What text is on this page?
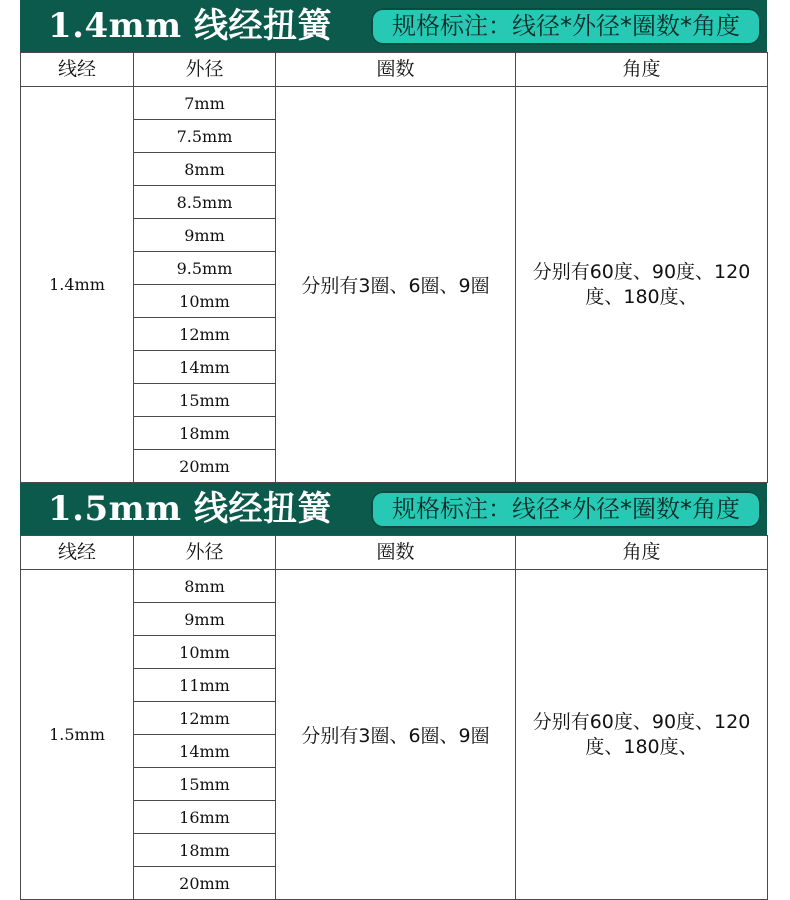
1.4mm 线经扭簧	规格标注：线径*外径*圈数*角度
线经	外径	圈数	角度
1.4mm	7mm	分别有3圈、6圈、9圈	分别有60度、90度、120度、180度、
	7.5mm		
	8mm		
	8.5mm		
	9mm		
	9.5mm		
	10mm		
	12mm		
	14mm		
	15mm		
	18mm		
	20mm		
1.5mm 线经扭簧	规格标注：线径*外径*圈数*角度
线经	外径	圈数	角度
1.5mm	8mm	分别有3圈、6圈、9圈	分别有60度、90度、120度、180度、
	9mm		
	10mm		
	11mm		
	12mm		
	14mm		
	15mm		
	16mm		
	18mm		
	20mm		
